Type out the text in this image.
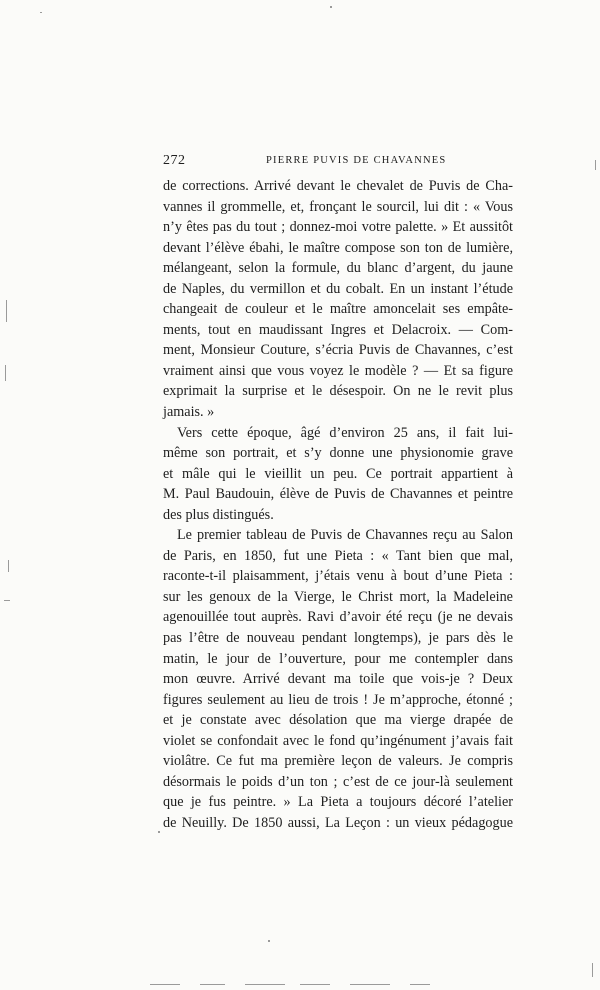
272	PIERRE PUVIS DE CHAVANNES
de corrections. Arrivé devant le chevalet de Puvis de Cha-
vannes il grommelle, et, fronçant le sourcil, lui dit : « Vous
n’y êtes pas du tout ; donnez-moi votre palette. » Et aussitôt
devant l’élève ébahi, le maître compose son ton de lumière,
mélangeant, selon la formule, du blanc d’argent, du jaune
de Naples, du vermillon et du cobalt. En un instant l’étude
changeait de couleur et le maître amoncelait ses empâte-
ments, tout en maudissant Ingres et Delacroix. — Com-
ment, Monsieur Couture, s’écria Puvis de Chavannes, c’est
vraiment ainsi que vous voyez le modèle ? — Et sa figure
exprimait la surprise et le désespoir. On ne le revit plus
jamais. »
Vers cette époque, âgé d’environ 25 ans, il fait lui-
même son portrait, et s’y donne une physionomie grave
et mâle qui le vieillit un peu. Ce portrait appartient à
M. Paul Baudouin, élève de Puvis de Chavannes et peintre
des plus distingués.
Le premier tableau de Puvis de Chavannes reçu au Salon
de Paris, en 1850, fut une Pieta : « Tant bien que mal,
raconte-t-il plaisamment, j’étais venu à bout d’une Pieta :
sur les genoux de la Vierge, le Christ mort, la Madeleine
agenouillée tout auprès. Ravi d’avoir été reçu (je ne devais
pas l’être de nouveau pendant longtemps), je pars dès le
matin, le jour de l’ouverture, pour me contempler dans
mon œuvre. Arrivé devant ma toile que vois-je ? Deux
figures seulement au lieu de trois ! Je m’approche, étonné ;
et je constate avec désolation que ma vierge drapée de
violet se confondait avec le fond qu’ingénument j’avais fait
violâtre. Ce fut ma première leçon de valeurs. Je compris
désormais le poids d’un ton ; c’est de ce jour-là seulement
que je fus peintre. » La Pieta a toujours décoré l’atelier
de Neuilly. De 1850 aussi, La Leçon : un vieux pédagogue
